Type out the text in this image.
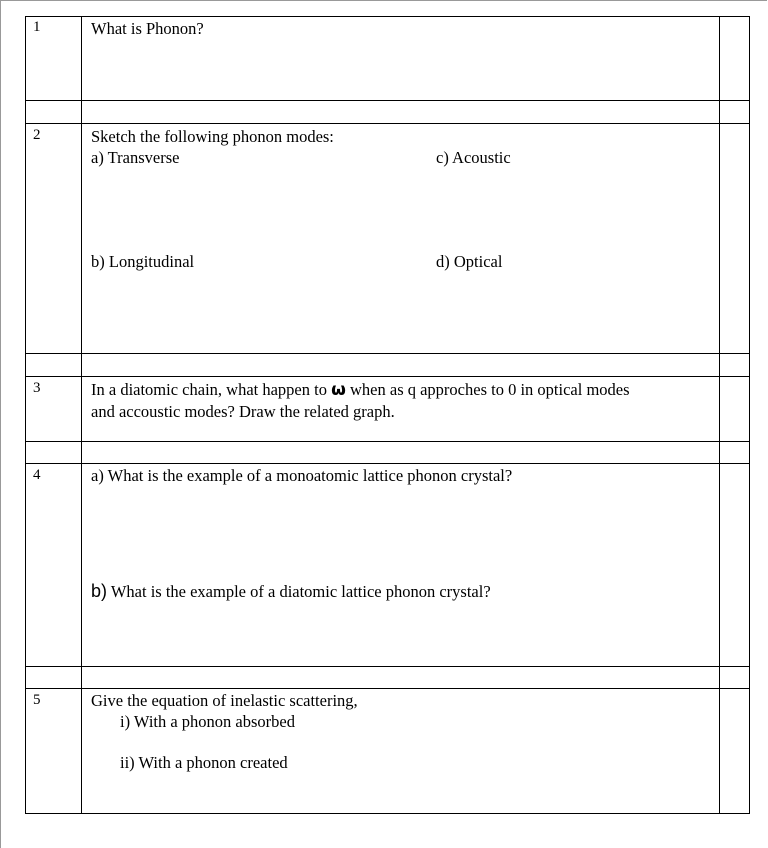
1	What is Phonon?
2	Sketch the following phonon modes:
a) Transverse	c) Acoustic
b) Longitudinal	d) Optical
3	In a diatomic chain, what happen to ω when as q approches to 0 in optical modes
and accoustic modes? Draw the related graph.
4	a) What is the example of a monoatomic lattice phonon crystal?
b) What is the example of a diatomic lattice phonon crystal?
5	Give the equation of inelastic scattering,
i) With a phonon absorbed
ii) With a phonon created
